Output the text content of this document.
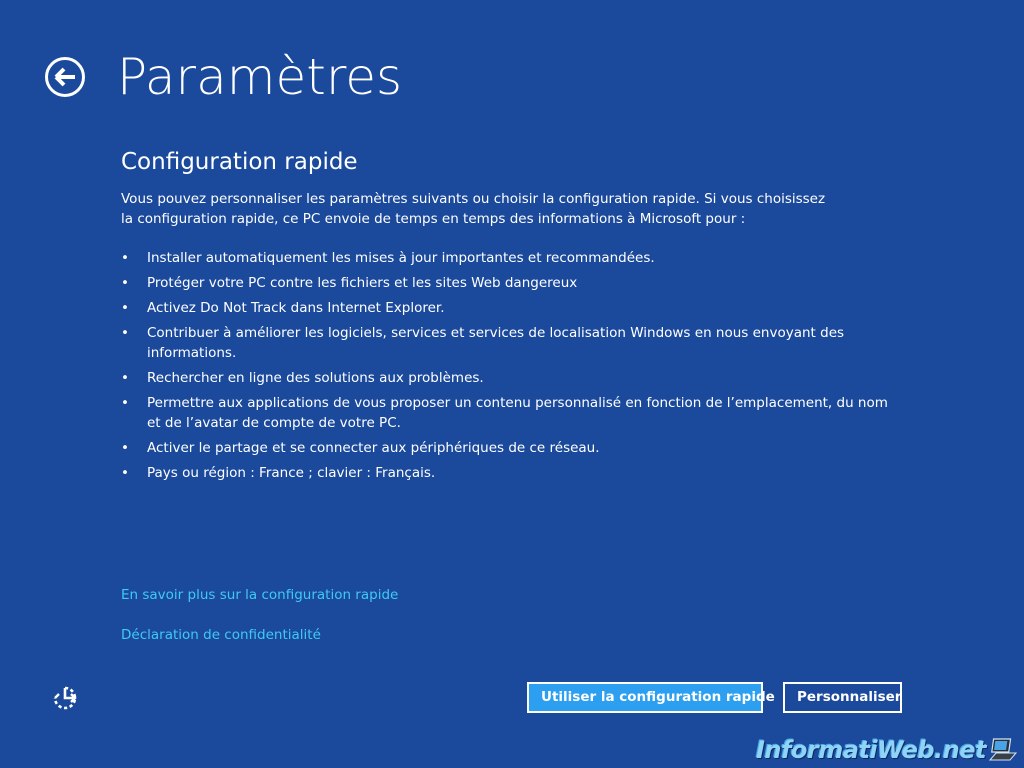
Paramètres
Configuration rapide

Vous pouvez personnaliser les paramètres suivants ou choisir la configuration rapide. Si vous choisissez la configuration rapide, ce PC envoie de temps en temps des informations à Microsoft pour :

• Installer automatiquement les mises à jour importantes et recommandées.
• Protéger votre PC contre les fichiers et les sites Web dangereux
• Activez Do Not Track dans Internet Explorer.
• Contribuer à améliorer les logiciels, services et services de localisation Windows en nous envoyant des informations.
• Rechercher en ligne des solutions aux problèmes.
• Permettre aux applications de vous proposer un contenu personnalisé en fonction de l’emplacement, du nom et de l’avatar de compte de votre PC.
• Activer le partage et se connecter aux périphériques de ce réseau.
• Pays ou région : France ; clavier : Français.
En savoir plus sur la configuration rapide
Déclaration de confidentialité
Utiliser la configuration rapide	Personnaliser
InformatiWeb.net
